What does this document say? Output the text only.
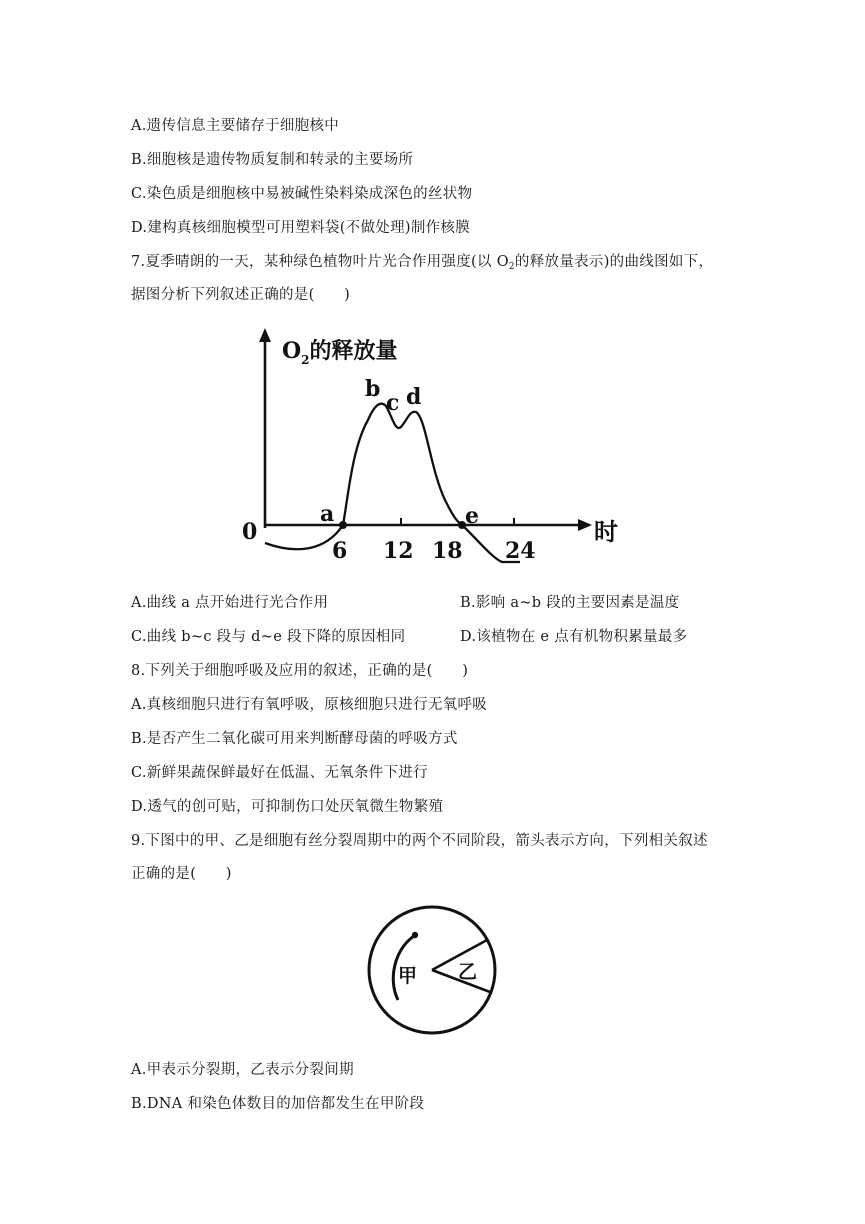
A.遗传信息主要储存于细胞核中
B.细胞核是遗传物质复制和转录的主要场所
C.染色质是细胞核中易被碱性染料染成深色的丝状物
D.建构真核细胞模型可用塑料袋(不做处理)制作核膜
7.夏季晴朗的一天，某种绿色植物叶片光合作用强度(以 $O_2$的释放量表示)的曲线图如下，
据图分析下列叙述正确的是(　　)
$O_2$的释放量
a
b
c d
e
0
6 12 18 24
时
A.曲线 a 点开始进行光合作用	B.影响 a~b 段的主要因素是温度
C.曲线 b~c 段与 d~e 段下降的原因相同	D.该植物在 e 点有机物积累量最多
8.下列关于细胞呼吸及应用的叙述，正确的是(　　)
A.真核细胞只进行有氧呼吸，原核细胞只进行无氧呼吸
B.是否产生二氧化碳可用来判断酵母菌的呼吸方式
C.新鲜果蔬保鲜最好在低温、无氧条件下进行
D.透气的创可贴，可抑制伤口处厌氧微生物繁殖
9.下图中的甲、乙是细胞有丝分裂周期中的两个不同阶段，箭头表示方向，下列相关叙述
正确的是(　　)
甲 乙
A.甲表示分裂期，乙表示分裂间期
B.DNA 和染色体数目的加倍都发生在甲阶段
